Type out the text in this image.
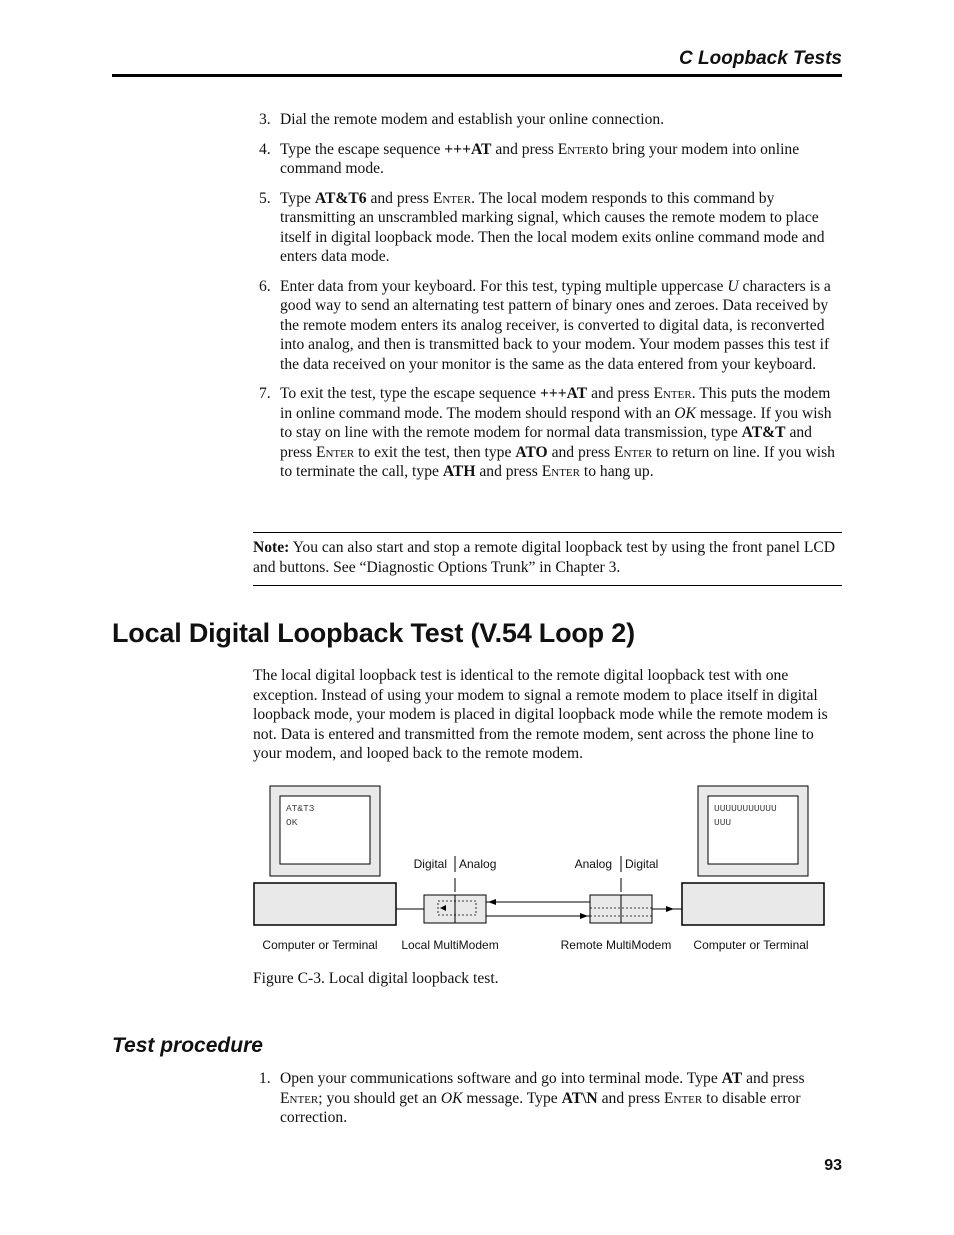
C Loopback Tests
3. Dial the remote modem and establish your online connection.
4. Type the escape sequence +++AT and press Enterto bring your modem into online command mode.
5. Type AT&T6 and press Enter. The local modem responds to this command by transmitting an unscrambled marking signal, which causes the remote modem to place itself in digital loopback mode. Then the local modem exits online command mode and enters data mode.
6. Enter data from your keyboard. For this test, typing multiple uppercase U characters is a good way to send an alternating test pattern of binary ones and zeroes. Data received by the remote modem enters its analog receiver, is converted to digital data, is reconverted into analog, and then is transmitted back to your modem. Your modem passes this test if the data received on your monitor is the same as the data entered from your keyboard.
7. To exit the test, type the escape sequence +++AT and press Enter. This puts the modem in online command mode. The modem should respond with an OK message. If you wish to stay on line with the remote modem for normal data transmission, type AT&T and press Enter to exit the test, then type ATO and press Enter to return on line. If you wish to terminate the call, type ATH and press Enter to hang up.
Note: You can also start and stop a remote digital loopback test by using the front panel LCD and buttons. See “Diagnostic Options Trunk” in Chapter 3.
Local Digital Loopback Test (V.54 Loop 2)
The local digital loopback test is identical to the remote digital loopback test with one exception. Instead of using your modem to signal a remote modem to place itself in digital loopback mode, your modem is placed in digital loopback mode while the remote modem is not. Data is entered and transmitted from the remote modem, sent across the phone line to your modem, and looped back to the remote modem.
AT&T3
OK
UUUUUUUUUUU
UUU
Digital Analog	Analog Digital
Computer or Terminal Local MultiModem	Remote MultiModem Computer or Terminal
Figure C-3. Local digital loopback test.
Test procedure
1. Open your communications software and go into terminal mode. Type AT and press Enter; you should get an OK message. Type AT\N and press Enter to disable error correction.
93
